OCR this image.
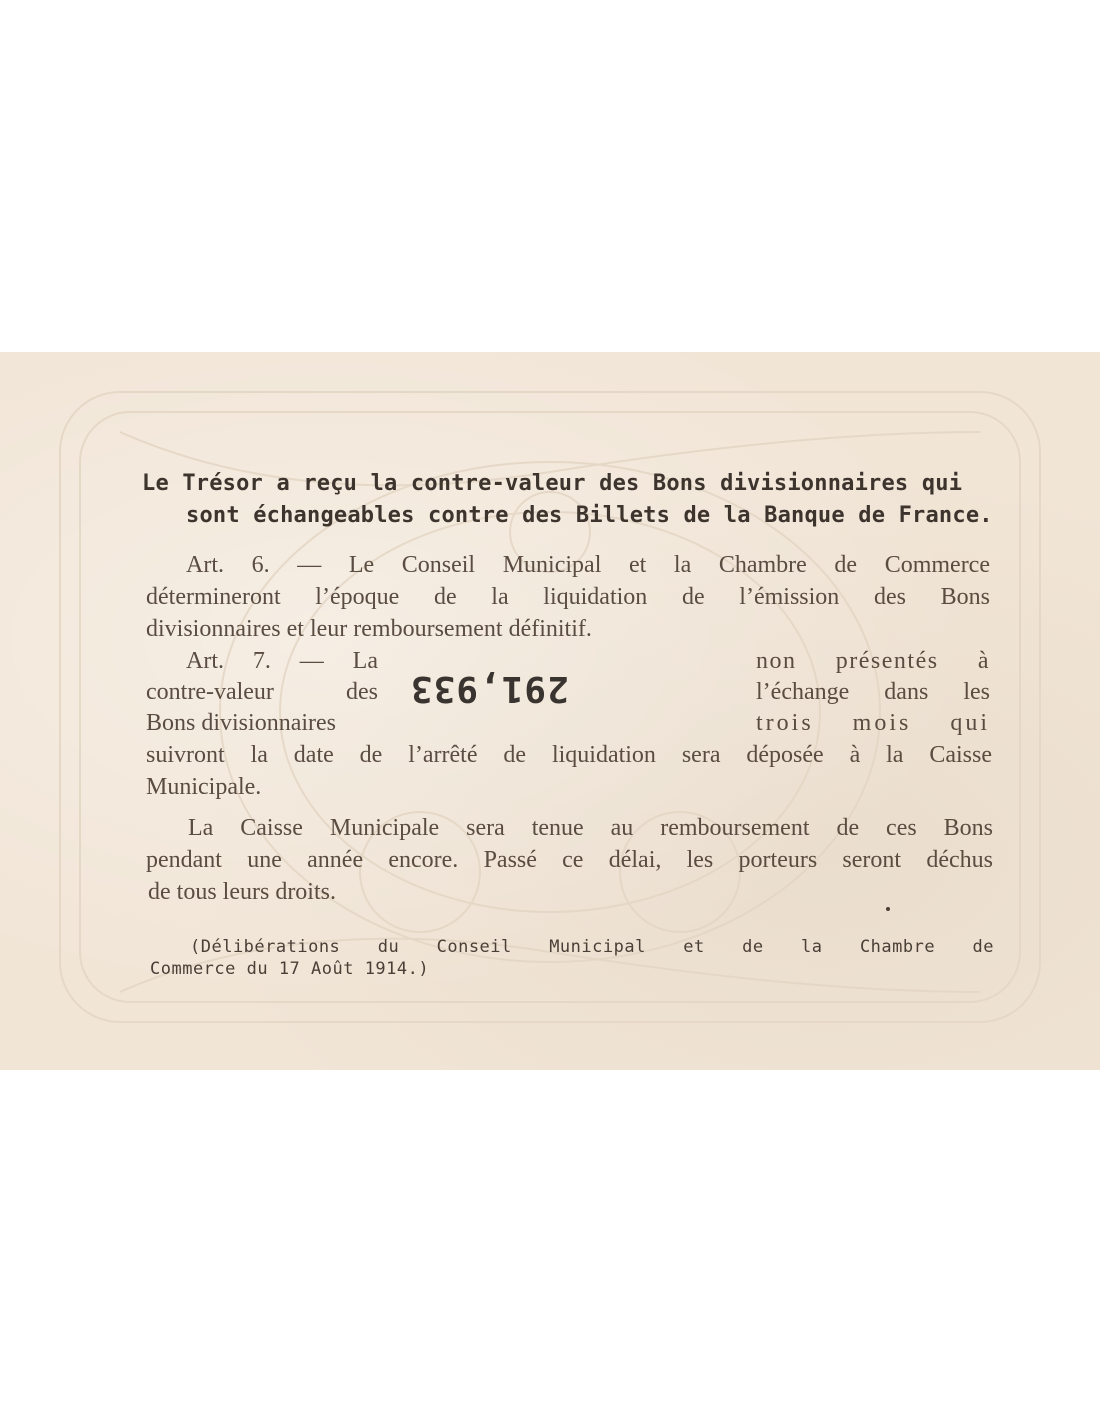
Le Trésor a reçu la contre-valeur des Bons divisionnaires qui
sont échangeables contre des Billets de la Banque de France.
Art. 6. — Le Conseil Municipal et la Chambre de Commerce
détermineront l’époque de la liquidation de l’émission des Bons
divisionnaires et leur remboursement définitif.
Art. 7. — La
contre-valeur des
Bons divisionnaires
291,933
non présentés à
l’échange dans les
trois mois qui
suivront la date de l’arrêté de liquidation sera déposée à la Caisse
Municipale.
La Caisse Municipale sera tenue au remboursement de ces Bons
pendant une année encore. Passé ce délai, les porteurs seront déchus
de tous leurs droits.
(Délibérations du Conseil Municipal et de la Chambre de
Commerce du 17 Août 1914.)
